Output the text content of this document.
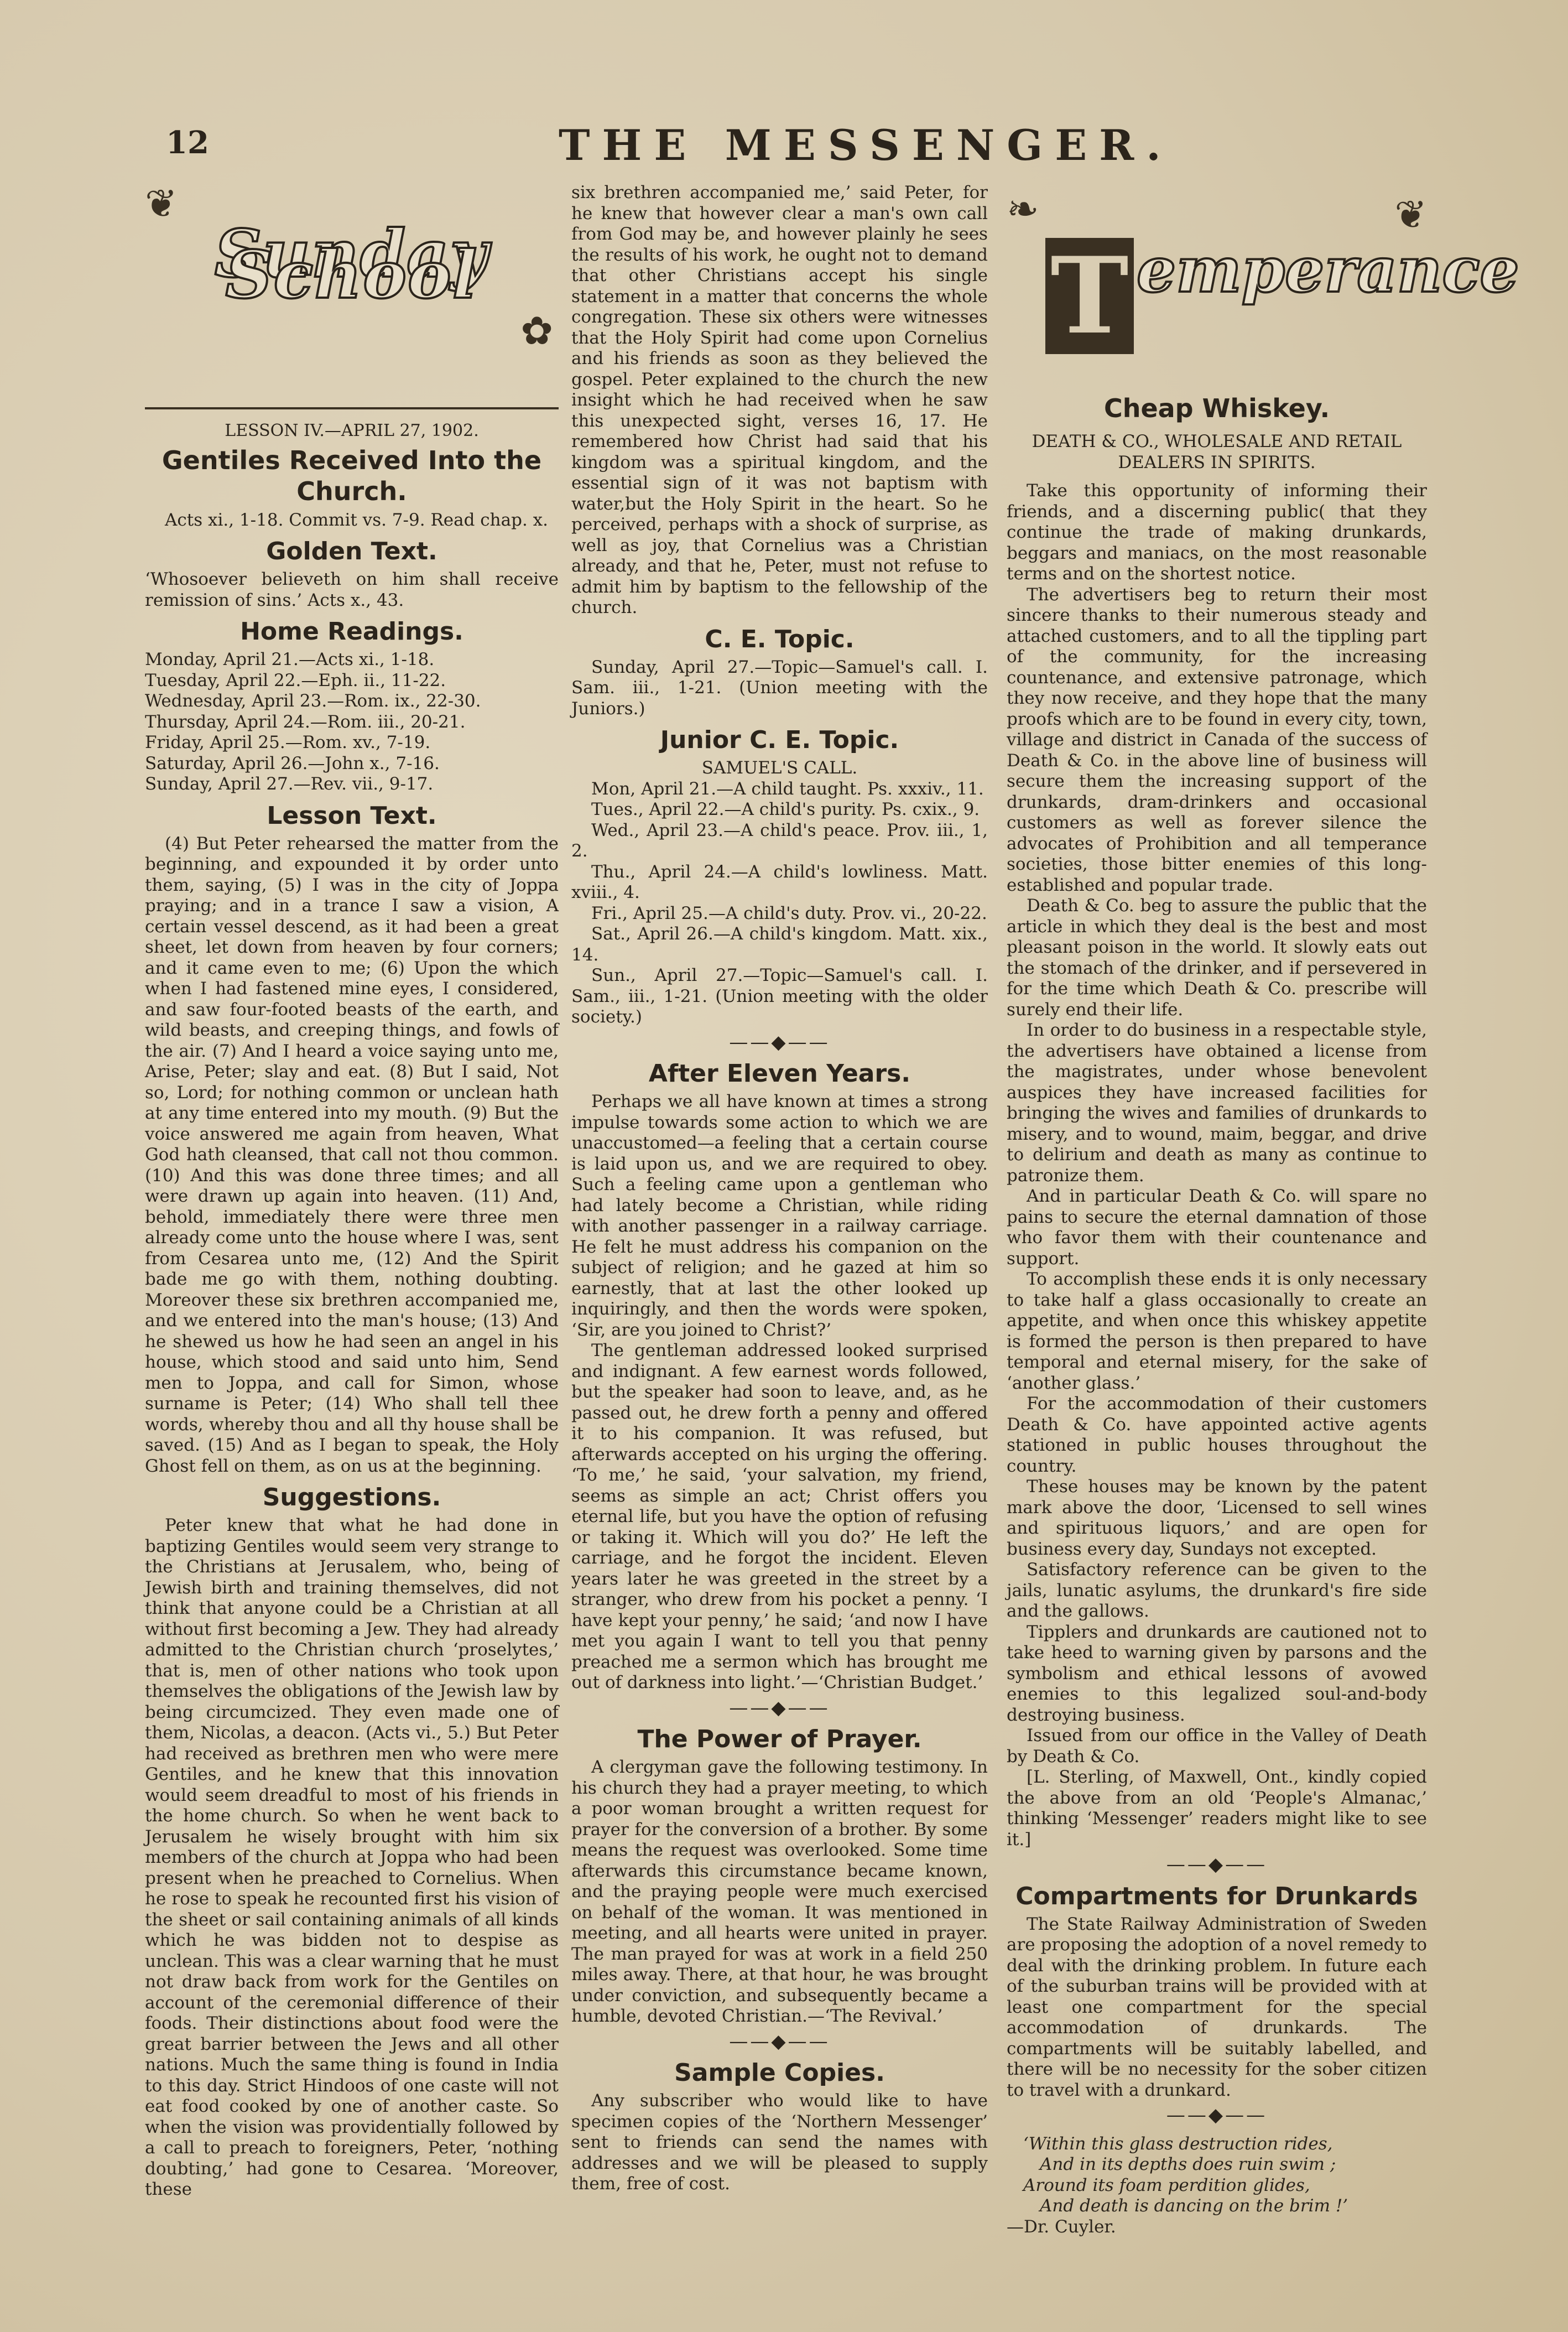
12	THE MESSENGER.
❦
✿
Sunday School
LESSON IV.—APRIL 27, 1902.
Gentiles Received Into the Church.

Acts xi., 1-18. Commit vs. 7-9. Read chap. x.

Golden Text.

‘Whosoever believeth on him shall receive remission of sins.’ Acts x., 43.

Home Readings.
Monday, April 21.—Acts xi., 1-18.
Tuesday, April 22.—Eph. ii., 11-22.
Wednesday, April 23.—Rom. ix., 22-30.
Thursday, April 24.—Rom. iii., 20-21.
Friday, April 25.—Rom. xv., 7-19.
Saturday, April 26.—John x., 7-16.
Sunday, April 27.—Rev. vii., 9-17.
Lesson Text.

(4) But Peter rehearsed the matter from the beginning, and expounded it by order unto them, saying, (5) I was in the city of Joppa praying; and in a trance I saw a vision, A certain vessel descend, as it had been a great sheet, let down from heaven by four corners; and it came even to me; (6) Upon the which when I had fastened mine eyes, I considered, and saw four-footed beasts of the earth, and wild beasts, and creeping things, and fowls of the air. (7) And I heard a voice saying unto me, Arise, Peter; slay and eat. (8) But I said, Not so, Lord; for nothing common or unclean hath at any time entered into my mouth. (9) But the voice answered me again from heaven, What God hath cleansed, that call not thou common. (10) And this was done three times; and all were drawn up again into heaven. (11) And, behold, immediately there were three men already come unto the house where I was, sent from Cesarea unto me, (12) And the Spirit bade me go with them, nothing doubting. Moreover these six brethren accompanied me, and we entered into the man's house; (13) And he shewed us how he had seen an angel in his house, which stood and said unto him, Send men to Joppa, and call for Simon, whose surname is Peter; (14) Who shall tell thee words, whereby thou and all thy house shall be saved. (15) And as I began to speak, the Holy Ghost fell on them, as on us at the beginning.

Suggestions.

Peter knew that what he had done in baptizing Gentiles would seem very strange to the Christians at Jerusalem, who, being of Jewish birth and training themselves, did not think that anyone could be a Christian at all without first becoming a Jew. They had already admitted to the Christian church ‘proselytes,’ that is, men of other nations who took upon themselves the obligations of the Jewish law by being circumcized. They even made one of them, Nicolas, a deacon. (Acts vi., 5.) But Peter had received as brethren men who were mere Gentiles, and he knew that this innovation would seem dreadful to most of his friends in the home church. So when he went back to Jerusalem he wisely brought with him six members of the church at Joppa who had been present when he preached to Cornelius. When he rose to speak he recounted first his vision of the sheet or sail containing animals of all kinds which he was bidden not to despise as unclean. This was a clear warning that he must not draw back from work for the Gentiles on account of the ceremonial difference of their foods. Their distinctions about food were the great barrier between the Jews and all other nations. Much the same thing is found in India to this day. Strict Hindoos of one caste will not eat food cooked by one of another caste. So when the vision was providentially followed by a call to preach to foreigners, Peter, ‘nothing doubting,’ had gone to Cesarea. ‘Moreover, these

six brethren accompanied me,’ said Peter, for he knew that however clear a man's own call from God may be, and however plainly he sees the results of his work, he ought not to demand that other Christians accept his single statement in a matter that concerns the whole congregation. These six others were witnesses that the Holy Spirit had come upon Cornelius and his friends as soon as they believed the gospel. Peter explained to the church the new insight which he had received when he saw this unexpected sight, verses 16, 17. He remembered how Christ had said that his kingdom was a spiritual kingdom, and the essential sign of it was not baptism with water,but the Holy Spirit in the heart. So he perceived, perhaps with a shock of surprise, as well as joy, that Cornelius was a Christian already, and that he, Peter, must not refuse to admit him by baptism to the fellowship of the church.

C. E. Topic.

Sunday, April 27.—Topic—Samuel's call. I. Sam. iii., 1-21. (Union meeting with the Juniors.)

Junior C. E. Topic.
SAMUEL'S CALL.

Mon, April 21.—A child taught. Ps. xxxiv., 11.

Tues., April 22.—A child's purity. Ps. cxix., 9.

Wed., April 23.—A child's peace. Prov. iii., 1, 2.

Thu., April 24.—A child's lowliness. Matt. xviii., 4.

Fri., April 25.—A child's duty. Prov. vi., 20-22.

Sat., April 26.—A child's kingdom. Matt. xix., 14.

Sun., April 27.—Topic—Samuel's call. I. Sam., iii., 1-21. (Union meeting with the older society.)

——◆——
After Eleven Years.

Perhaps we all have known at times a strong impulse towards some action to which we are unaccustomed—a feeling that a certain course is laid upon us, and we are required to obey. Such a feeling came upon a gentleman who had lately become a Christian, while riding with another passenger in a railway carriage. He felt he must address his companion on the subject of religion; and he gazed at him so earnestly, that at last the other looked up inquiringly, and then the words were spoken, ‘Sir, are you joined to Christ?’

The gentleman addressed looked surprised and indignant. A few earnest words followed, but the speaker had soon to leave, and, as he passed out, he drew forth a penny and offered it to his companion. It was refused, but afterwards accepted on his urging the offering. ‘To me,’ he said, ‘your salvation, my friend, seems as simple an act; Christ offers you eternal life, but you have the option of refusing or taking it. Which will you do?’ He left the carriage, and he forgot the incident. Eleven years later he was greeted in the street by a stranger, who drew from his pocket a penny. ‘I have kept your penny,’ he said; ‘and now I have met you again I want to tell you that penny preached me a sermon which has brought me out of darkness into light.’—‘Christian Budget.’

——◆——
The Power of Prayer.

A clergyman gave the following testimony. In his church they had a prayer meeting, to which a poor woman brought a written request for prayer for the conversion of a brother. By some means the request was overlooked. Some time afterwards this circumstance became known, and the praying people were much exercised on behalf of the woman. It was mentioned in meeting, and all hearts were united in prayer. The man prayed for was at work in a field 250 miles away. There, at that hour, he was brought under conviction, and subsequently became a humble, devoted Christian.—‘The Revival.’

——◆——
Sample Copies.

Any subscriber who would like to have specimen copies of the ‘Northern Messenger’ sent to friends can send the names with addresses and we will be pleased to supply them, free of cost.

❧
T emperance
❦
Cheap Whiskey.
DEATH & CO., WHOLESALE AND RETAIL DEALERS IN SPIRITS.

Take this opportunity of informing their friends, and a discerning public( that they continue the trade of making drunkards, beggars and maniacs, on the most reasonable terms and on the shortest notice.

The advertisers beg to return their most sincere thanks to their numerous steady and attached customers, and to all the tippling part of the community, for the increasing countenance, and extensive patronage, which they now receive, and they hope that the many proofs which are to be found in every city, town, village and district in Canada of the success of Death & Co. in the above line of business will secure them the increasing support of the drunkards, dram-drinkers and occasional customers as well as forever silence the advocates of Prohibition and all temperance societies, those bitter enemies of this long-established and popular trade.

Death & Co. beg to assure the public that the article in which they deal is the best and most pleasant poison in the world. It slowly eats out the stomach of the drinker, and if persevered in for the time which Death & Co. prescribe will surely end their life.

In order to do business in a respectable style, the advertisers have obtained a license from the magistrates, under whose benevolent auspices they have increased facilities for bringing the wives and families of drunkards to misery, and to wound, maim, beggar, and drive to delirium and death as many as continue to patronize them.

And in particular Death & Co. will spare no pains to secure the eternal damnation of those who favor them with their countenance and support.

To accomplish these ends it is only necessary to take half a glass occasionally to create an appetite, and when once this whiskey appetite is formed the person is then prepared to have temporal and eternal misery, for the sake of ‘another glass.’

For the accommodation of their customers Death & Co. have appointed active agents stationed in public houses throughout the country.

These houses may be known by the patent mark above the door, ‘Licensed to sell wines and spirituous liquors,’ and are open for business every day, Sundays not excepted.

Satisfactory reference can be given to the jails, lunatic asylums, the drunkard's fire side and the gallows.

Tipplers and drunkards are cautioned not to take heed to warning given by parsons and the symbolism and ethical lessons of avowed enemies to this legalized soul-and-body destroying business.

Issued from our office in the Valley of Death by Death & Co.

[L. Sterling, of Maxwell, Ont., kindly copied the above from an old ‘People's Almanac,’ thinking ‘Messenger’ readers might like to see it.]

——◆——
Compartments for Drunkards

The State Railway Administration of Sweden are proposing the adoption of a novel remedy to deal with the drinking problem. In future each of the suburban trains will be provided with at least one compartment for the special accommodation of drunkards. The compartments will be suitably labelled, and there will be no necessity for the sober citizen to travel with a drunkard.

——◆——
‘Within this glass destruction rides,
And in its depths does ruin swim ;
Around its foam perdition glides,
And death is dancing on the brim !’
—Dr. Cuyler.
